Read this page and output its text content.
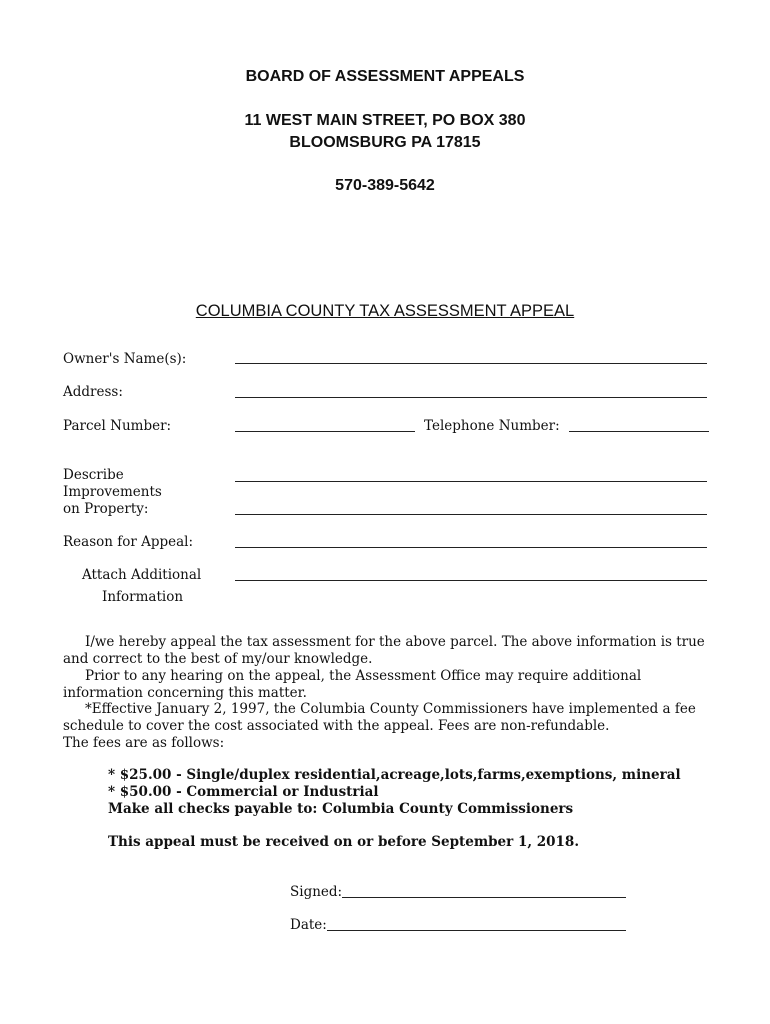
BOARD OF ASSESSMENT APPEALS
11 WEST MAIN STREET, PO BOX 380
BLOOMSBURG PA 17815
570-389-5642
COLUMBIA COUNTY TAX ASSESSMENT APPEAL
Owner's Name(s):
Address:
Parcel Number:	Telephone Number:
Describe
Improvements
on Property:
Reason for Appeal:
Attach Additional
Information
I/we hereby appeal the tax assessment for the above parcel. The above information is true
and correct to the best of my/our knowledge.
Prior to any hearing on the appeal, the Assessment Office may require additional
information concerning this matter.
*Effective January 2, 1997, the Columbia County Commissioners have implemented a fee
schedule to cover the cost associated with the appeal. Fees are non-refundable.
The fees are as follows:
* $25.00 - Single/duplex residential,acreage,lots,farms,exemptions, mineral
* $50.00 - Commercial or Industrial
Make all checks payable to: Columbia County Commissioners
This appeal must be received on or before September 1, 2018.
Signed:
Date:
